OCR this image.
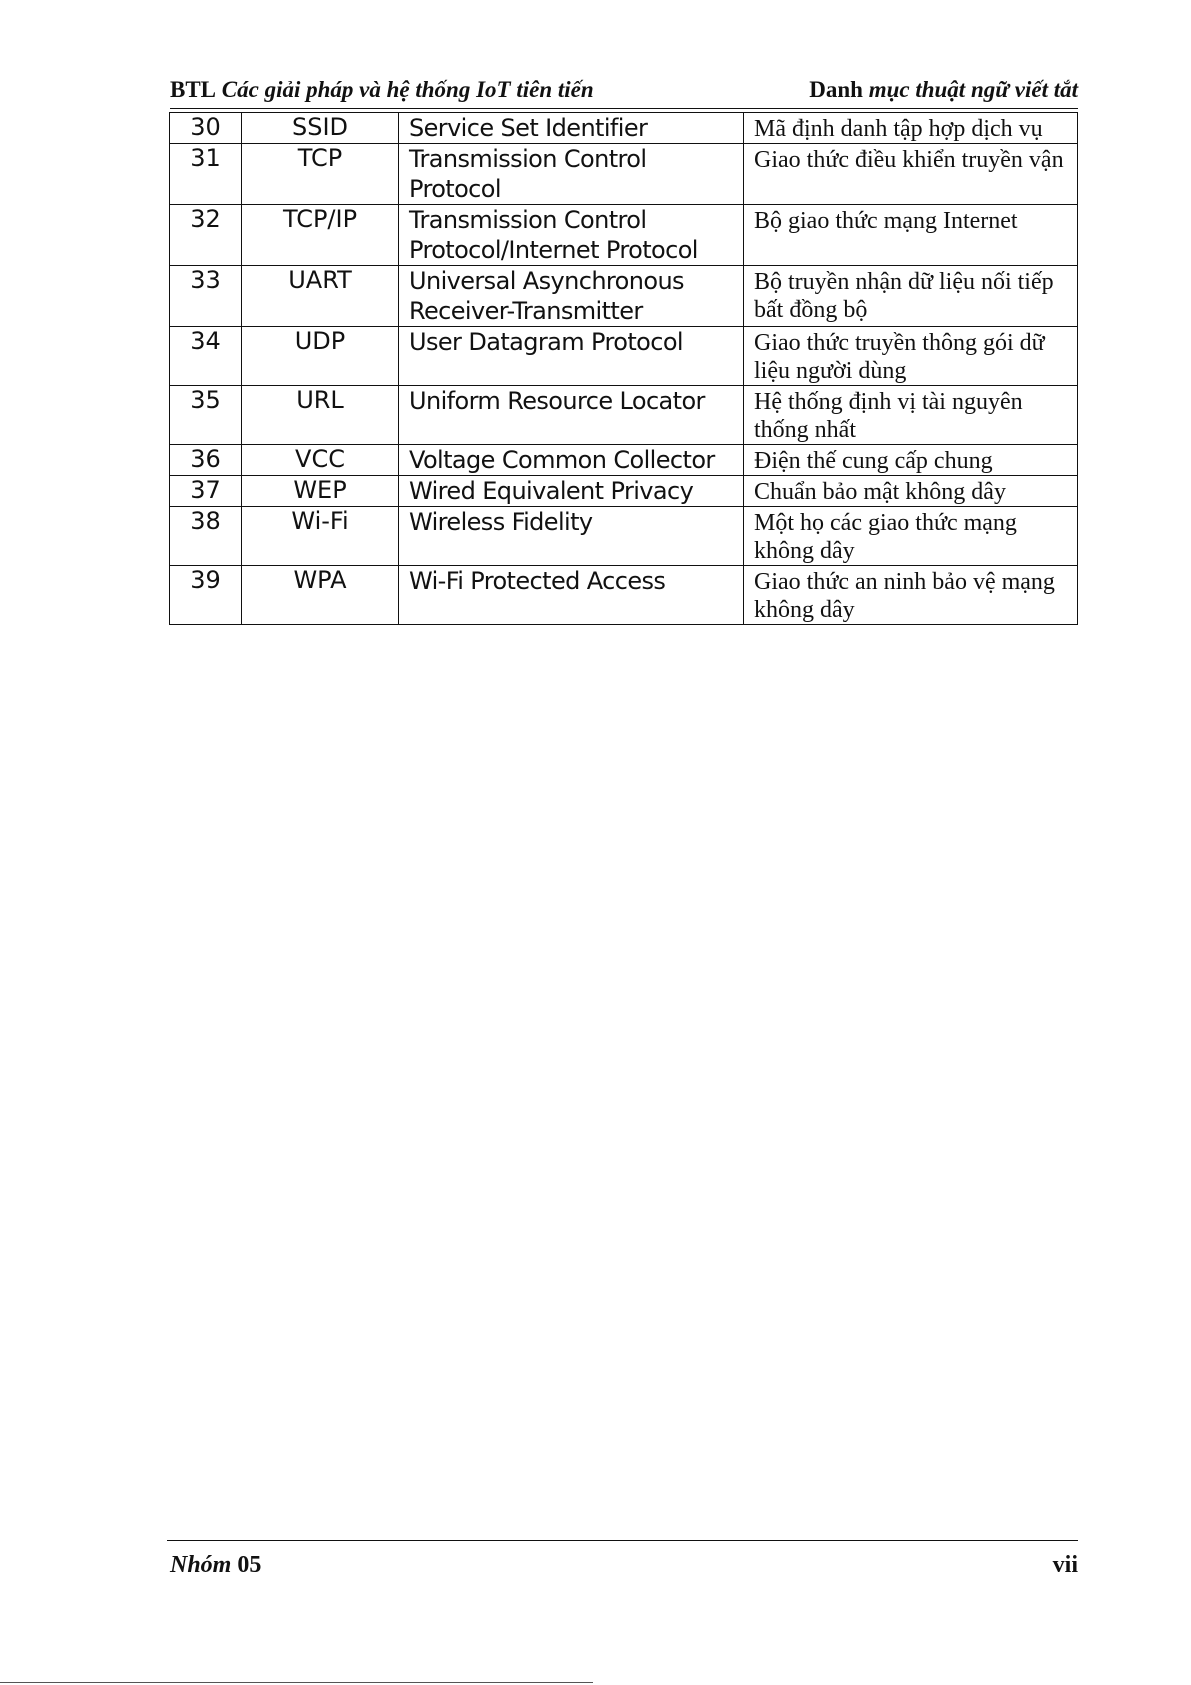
BTL Các giải pháp và hệ thống IoT tiên tiến	Danh mục thuật ngữ viết tắt
30	SSID	Service Set Identifier	Mã định danh tập hợp dịch vụ
31	TCP	Transmission Control Protocol	Giao thức điều khiển truyền vận
32	TCP/IP	Transmission Control Protocol/Internet Protocol	Bộ giao thức mạng Internet
33	UART	Universal Asynchronous Receiver-Transmitter	Bộ truyền nhận dữ liệu nối tiếp bất đồng bộ
34	UDP	User Datagram Protocol	Giao thức truyền thông gói dữ liệu người dùng
35	URL	Uniform Resource Locator	Hệ thống định vị tài nguyên thống nhất
36	VCC	Voltage Common Collector	Điện thế cung cấp chung
37	WEP	Wired Equivalent Privacy	Chuẩn bảo mật không dây
38	Wi-Fi	Wireless Fidelity	Một họ các giao thức mạng không dây
39	WPA	Wi-Fi Protected Access	Giao thức an ninh bảo vệ mạng không dây
Nhóm 05	vii
